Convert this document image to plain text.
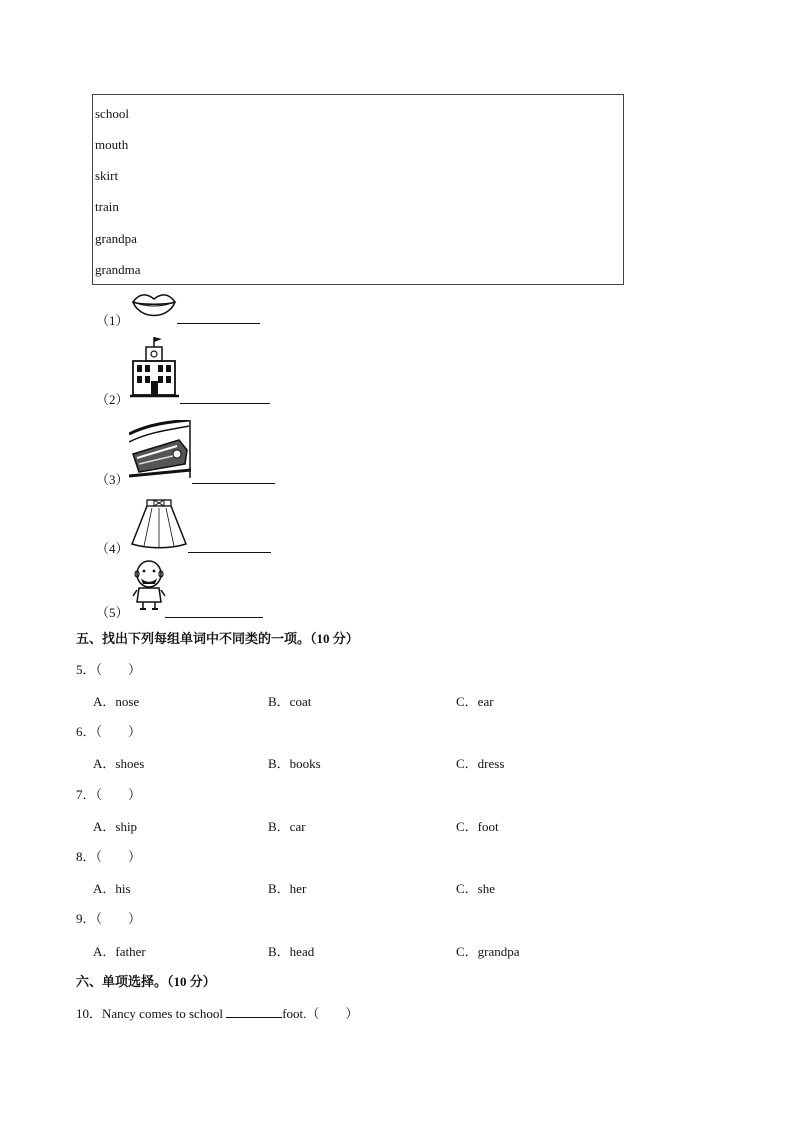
school
mouth
skirt
train
grandpa
grandma
（1）
（2）
（3）
（4）
（5）
五、找出下列每组单词中不同类的一项。（10 分）
5．（　　）
A．nose	B．coat	C．ear
6．（　　）
A．shoes	B．books	C．dress
7．（　　）
A．ship	B．car	C．foot
8．（　　）
A．his	B．her	C．she
9．（　　）
A．father	B．head	C．grandpa
六、单项选择。（10 分）
10．Nancy comes to school	foot.（　　）
